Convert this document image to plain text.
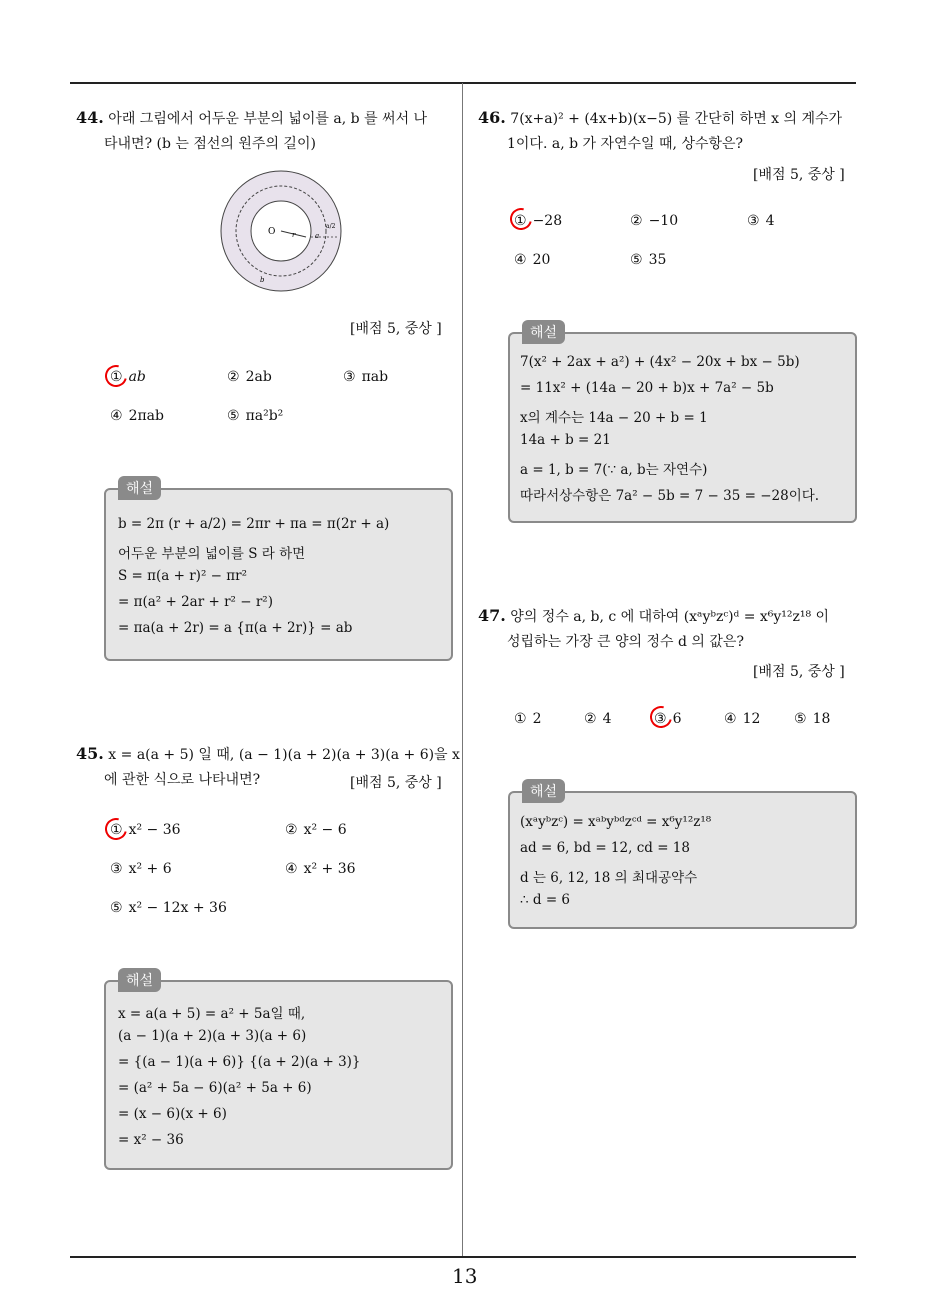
44. 아래 그림에서 어두운 부분의 넓이를 a, b 를 써서 나
타내면? (b 는 점선의 원주의 길이)
O r
a/2
a
b
[배점 5, 중상 ]
① ab	② 2ab	③ πab
④ 2πab	⑤ πa²b²
해설
b = 2π (r + a/2) = 2πr + πa = π(2r + a)
어두운 부분의 넓이를 S 라 하면
S = π(a + r)² − πr²
= π(a² + 2ar + r² − r²)
= πa(a + 2r) = a {π(a + 2r)} = ab
45. x = a(a + 5) 일 때, (a − 1)(a + 2)(a + 3)(a + 6)을 x
에 관한 식으로 나타내면?	[배점 5, 중상 ]
① x² − 36	② x² − 6
③ x² + 6	④ x² + 36
⑤ x² − 12x + 36
해설
x = a(a + 5) = a² + 5a일 때,
(a − 1)(a + 2)(a + 3)(a + 6)
= {(a − 1)(a + 6)} {(a + 2)(a + 3)}
= (a² + 5a − 6)(a² + 5a + 6)
= (x − 6)(x + 6)
= x² − 36
46. 7(x+a)² + (4x+b)(x−5) 를 간단히 하면 x 의 계수가
1이다. a, b 가 자연수일 때, 상수항은?
[배점 5, 중상 ]
① −28	② −10	③ 4
④ 20	⑤ 35
해설
7(x² + 2ax + a²) + (4x² − 20x + bx − 5b)
= 11x² + (14a − 20 + b)x + 7a² − 5b
x의 계수는 14a − 20 + b = 1
14a + b = 21
a = 1, b = 7(∵ a, b는 자연수)
따라서상수항은 7a² − 5b = 7 − 35 = −28이다.
47. 양의 정수 a, b, c 에 대하여 (xᵃyᵇzᶜ)ᵈ = x⁶y¹²z¹⁸ 이
성립하는 가장 큰 양의 정수 d 의 값은?
[배점 5, 중상 ]
① 2	② 4	③ 6	④ 12 ⑤ 18
해설
(xᵃyᵇzᶜ) = xᵃᵇyᵇᵈzᶜᵈ = x⁶y¹²z¹⁸
ad = 6, bd = 12, cd = 18
d 는 6, 12, 18 의 최대공약수
∴ d = 6
13
